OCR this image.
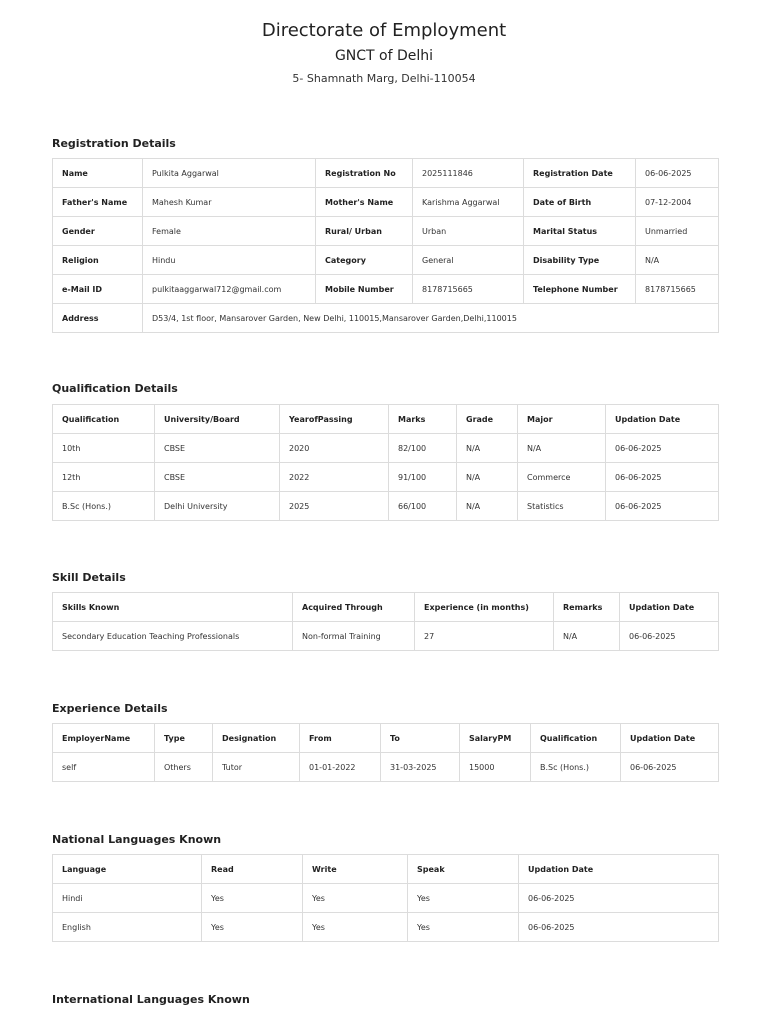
Directorate of Employment
GNCT of Delhi
5- Shamnath Marg, Delhi-110054
Registration Details
Name	Pulkita Aggarwal	Registration No	2025111846	Registration Date	06-06-2025
Father's Name	Mahesh Kumar	Mother's Name	Karishma Aggarwal	Date of Birth	07-12-2004
Gender	Female	Rural/ Urban	Urban	Marital Status	Unmarried
Religion	Hindu	Category	General	Disability Type	N/A
e-Mail ID	pulkitaaggarwal712@gmail.com	Mobile Number	8178715665	Telephone Number	8178715665
Address	D53/4, 1st floor, Mansarover Garden, New Delhi, 110015,Mansarover Garden,Delhi,110015				
Qualification Details
Qualification	University/Board	YearofPassing	Marks	Grade	Major	Updation Date
10th	CBSE	2020	82/100	N/A	N/A	06-06-2025
12th	CBSE	2022	91/100	N/A	Commerce	06-06-2025
B.Sc (Hons.)	Delhi University	2025	66/100	N/A	Statistics	06-06-2025
Skill Details
Skills Known	Acquired Through	Experience (in months)	Remarks	Updation Date
Secondary Education Teaching Professionals	Non-formal Training	27	N/A	06-06-2025
Experience Details
EmployerName	Type	Designation	From	To	SalaryPM	Qualification	Updation Date
self	Others	Tutor	01-01-2022	31-03-2025	15000	B.Sc (Hons.)	06-06-2025
National Languages Known
Language	Read	Write	Speak	Updation Date
Hindi	Yes	Yes	Yes	06-06-2025
English	Yes	Yes	Yes	06-06-2025
International Languages Known
